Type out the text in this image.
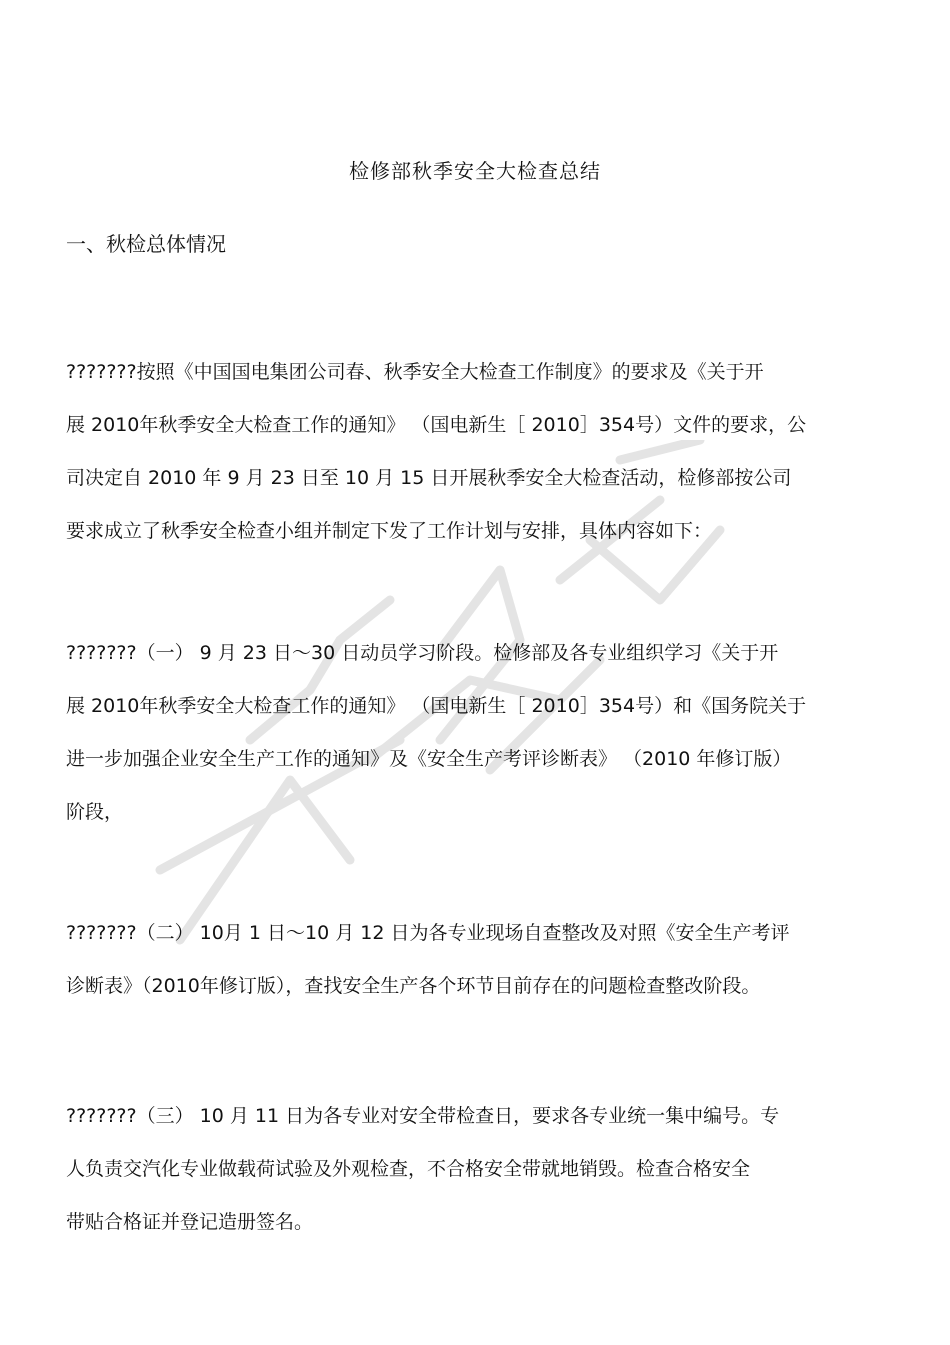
检修部秋季安全大检查总结
一、秋检总体情况
???????按照《中国国电集团公司春、秋季安全大检查工作制度》的要求及《关于开
展 2010年秋季安全大检查工作的通知》 （国电新生［ 2010］354号）文件的要求，公
司决定自 2010 年 9 月 23 日至 10 月 15 日开展秋季安全大检查活动，检修部按公司
要求成立了秋季安全检查小组并制定下发了工作计划与安排，具体内容如下：
???????（一） 9 月 23 日～30 日动员学习阶段。检修部及各专业组织学习《关于开
展 2010年秋季安全大检查工作的通知》 （国电新生［ 2010］354号）和《国务院关于
进一步加强企业安全生产工作的通知》及《安全生产考评诊断表》 （2010 年修订版）
阶段，
???????（二） 10月 1 日～10 月 12 日为各专业现场自查整改及对照《安全生产考评
诊断表》（2010年修订版），查找安全生产各个环节目前存在的问题检查整改阶段。
???????（三） 10 月 11 日为各专业对安全带检查日，要求各专业统一集中编号。专
人负责交汽化专业做载荷试验及外观检查，不合格安全带就地销毁。检查合格安全
带贴合格证并登记造册签名。
